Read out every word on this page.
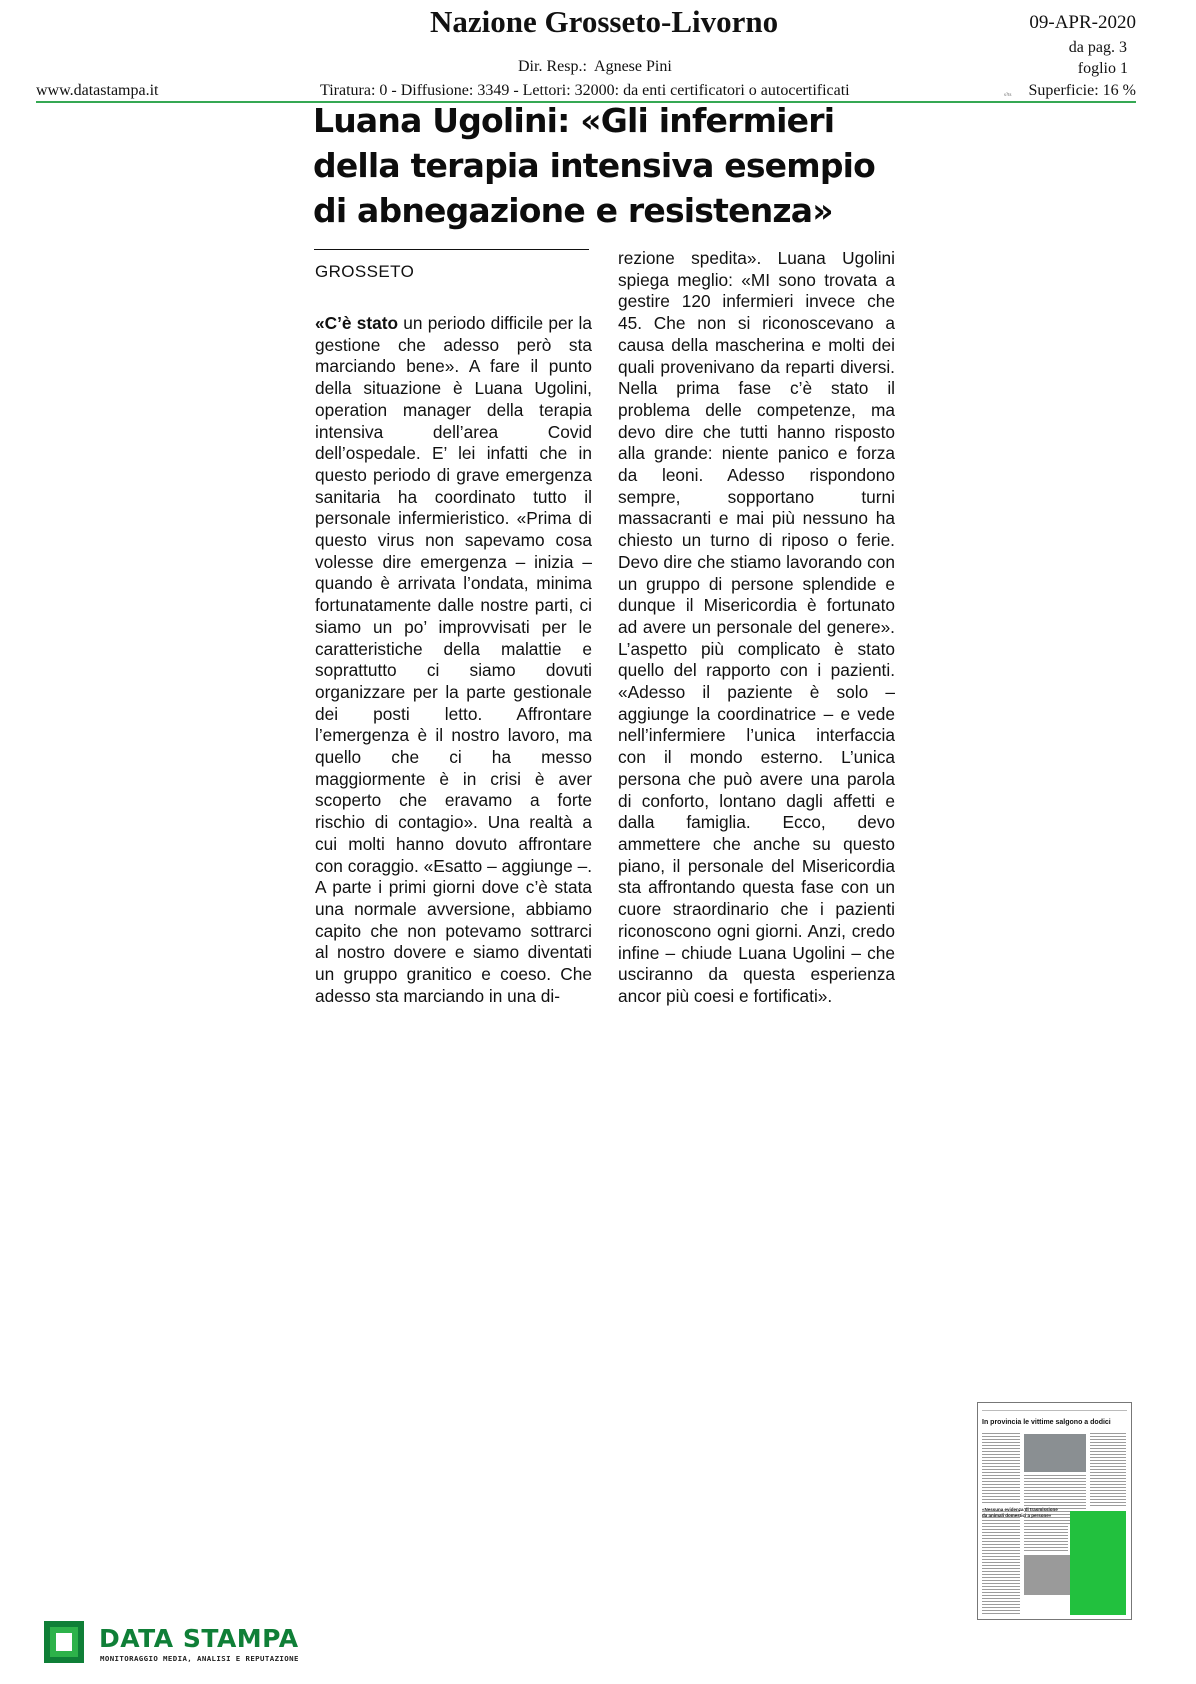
Nazione Grosseto-Livorno	09-APR-2020
da pag. 3
foglio 1
Dir. Resp.:  Agnese Pini
www.datastampa.it	Tiratura: 0 - Diffusione: 3349 - Lettori: 32000: da enti certificatori o autocertificati	s?ts Superficie: 16 %
Luana Ugolini: «Gli infermieri della terapia intensiva esempio di abnegazione e resistenza»
GROSSETO

«C’è stato un periodo difficile per la gestione che adesso però sta marciando bene». A fare il punto della situazione è Luana Ugolini, operation manager della terapia intensiva dell’area Covid dell’ospedale. E’ lei infatti che in questo periodo di grave emergenza sanitaria ha coordinato tutto il personale infermieristico. «Prima di questo virus non sapevamo cosa volesse dire emergenza – inizia – quando è arrivata l’ondata, minima fortunatamente dalle nostre parti, ci siamo un po’ improvvisati per le caratteristiche della malattie e soprattutto ci siamo dovuti organizzare per la parte gestionale dei posti letto. Affrontare l’emergenza è il nostro lavoro, ma quello che ci ha messo maggiormente è in crisi è aver scoperto che eravamo a forte rischio di contagio». Una realtà a cui molti hanno dovuto affrontare con coraggio. «Esatto – aggiunge –. A parte i primi giorni dove c’è stata una normale avversione, abbiamo capito che non potevamo sottrarci al nostro dovere e siamo diventati un gruppo granitico e coeso. Che adesso sta marciando in una di-

rezione spedita». Luana Ugolini spiega meglio: «MI sono trovata a gestire 120 infermieri invece che 45. Che non si riconoscevano a causa della mascherina e molti dei quali provenivano da reparti diversi. Nella prima fase c’è stato il problema delle competenze, ma devo dire che tutti hanno risposto alla grande: niente panico e forza da leoni. Adesso rispondono sempre, sopportano turni massacranti e mai più nessuno ha chiesto un turno di riposo o ferie. Devo dire che stiamo lavorando con un gruppo di persone splendide e dunque il Misericordia è fortunato ad avere un personale del genere». L’aspetto più complicato è stato quello del rapporto con i pazienti. «Adesso il paziente è solo – aggiunge la coordinatrice – e vede nell’infermiere l’unica interfaccia con il mondo esterno. L’unica persona che può avere una parola di conforto, lontano dagli affetti e dalla famiglia. Ecco, devo ammettere che anche su questo piano, il personale del Misericordia sta affrontando questa fase con un cuore straordinario che i pazienti riconoscono ogni giorni. Anzi, credo infine – chiude Luana Ugolini – che usciranno da questa esperienza ancor più coesi e fortificati».

In provincia le vittime salgono a dodici
«Nessuna evidenza di trasmissione
da animali domestici a persone»
DATA STAMPA
MONITORAGGIO MEDIA, ANALISI E REPUTAZIONE
